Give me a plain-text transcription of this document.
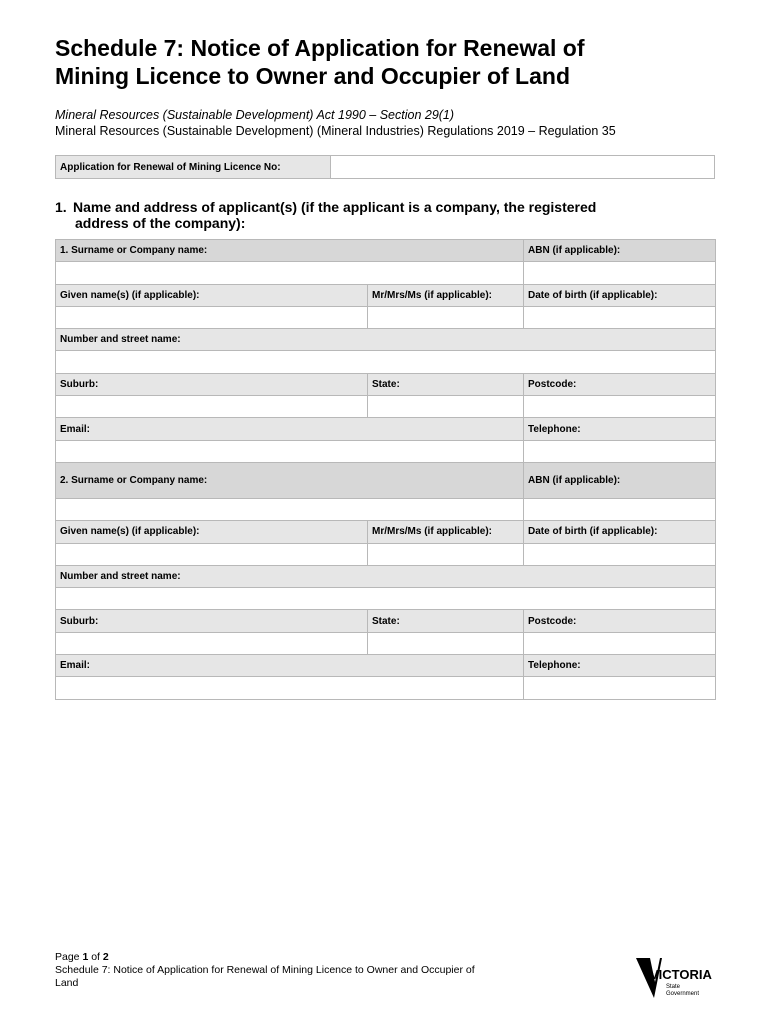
Schedule 7: Notice of Application for Renewal of
Mining Licence to Owner and Occupier of Land
Mineral Resources (Sustainable Development) Act 1990 – Section 29(1)
Mineral Resources (Sustainable Development) (Mineral Industries) Regulations 2019 – Regulation 35
Application for Renewal of Mining Licence No:	
1. Name and address of applicant(s) (if the applicant is a company, the registered
address of the company):
1. Surname or Company name:		ABN (if applicable):

Given name(s) (if applicable):	Mr/Mrs/Ms (if applicable):	Date of birth (if applicable):

Number and street name:		

Suburb:	State:	Postcode:

Email:		Telephone:

2. Surname or Company name:		ABN (if applicable):

Given name(s) (if applicable):	Mr/Mrs/Ms (if applicable):	Date of birth (if applicable):

Number and street name:		

Suburb:	State:	Postcode:

Email:		Telephone:

Page 1 of 2
Schedule 7: Notice of Application for Renewal of Mining Licence to Owner and Occupier of
Land
VICTORIA
State
Government
